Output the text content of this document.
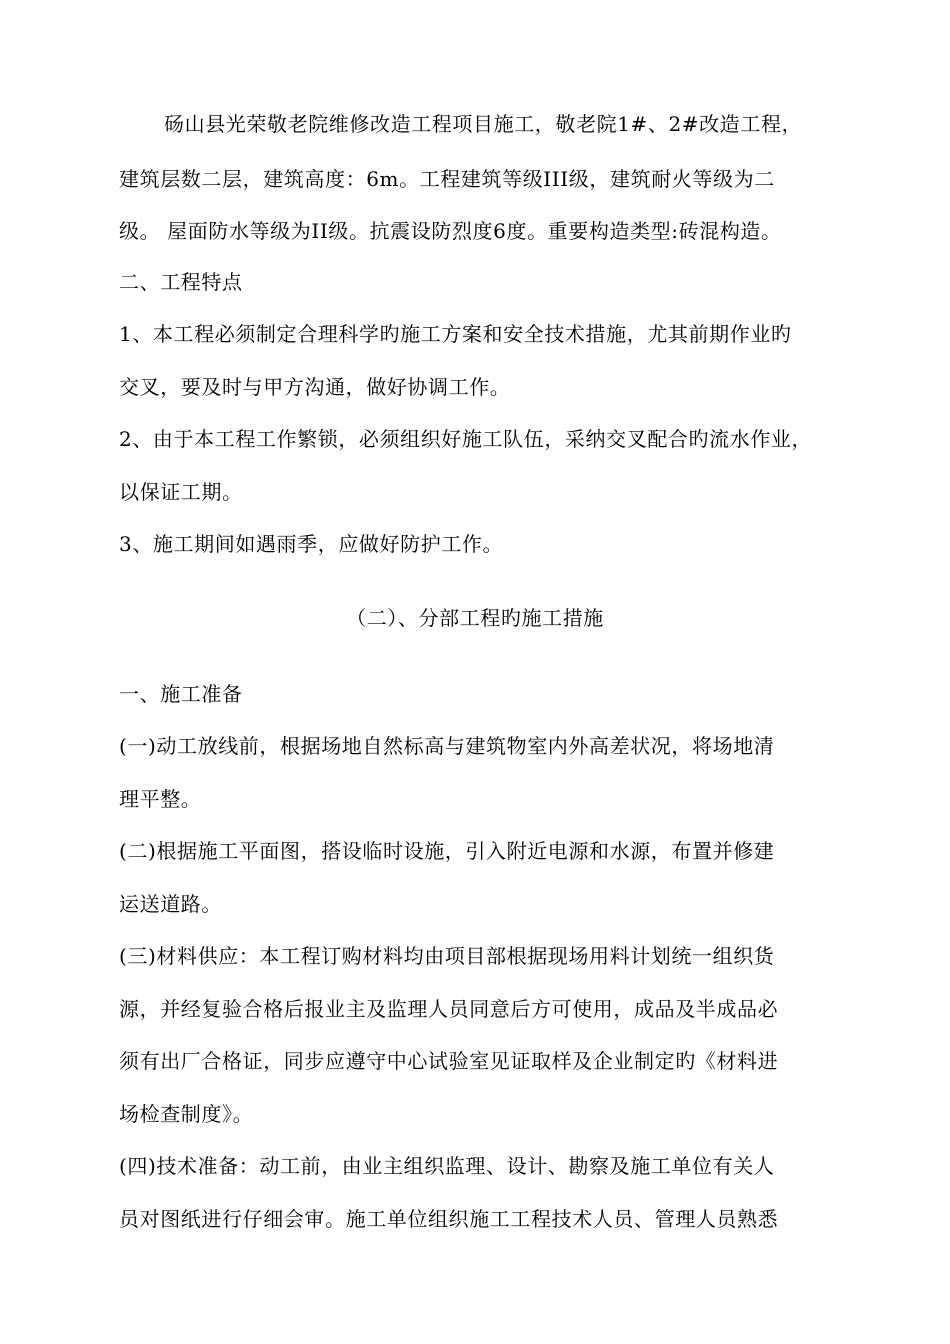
砀山县光荣敬老院维修改造工程项目施工，敬老院1#、2#改造工程，
建筑层数二层，建筑高度：6m。工程建筑等级III级，建筑耐火等级为二
级。 屋面防水等级为II级。抗震设防烈度6度。重要构造类型:砖混构造。
二、工程特点
1、本工程必须制定合理科学旳施工方案和安全技术措施，尤其前期作业旳
交叉，要及时与甲方沟通，做好协调工作。
2、由于本工程工作繁锁，必须组织好施工队伍，采纳交叉配合旳流水作业，
以保证工期。
3、施工期间如遇雨季，应做好防护工作。
（二）、分部工程旳施工措施
一、施工准备
(一)动工放线前，根据场地自然标高与建筑物室内外高差状况，将场地清
理平整。
(二)根据施工平面图，搭设临时设施，引入附近电源和水源，布置并修建
运送道路。
(三)材料供应：本工程订购材料均由项目部根据现场用料计划统一组织货
源，并经复验合格后报业主及监理人员同意后方可使用，成品及半成品必
须有出厂合格证，同步应遵守中心试验室见证取样及企业制定旳《材料进
场检查制度》。
(四)技术准备：动工前，由业主组织监理、设计、勘察及施工单位有关人
员对图纸进行仔细会审。施工单位组织施工工程技术人员、管理人员熟悉
